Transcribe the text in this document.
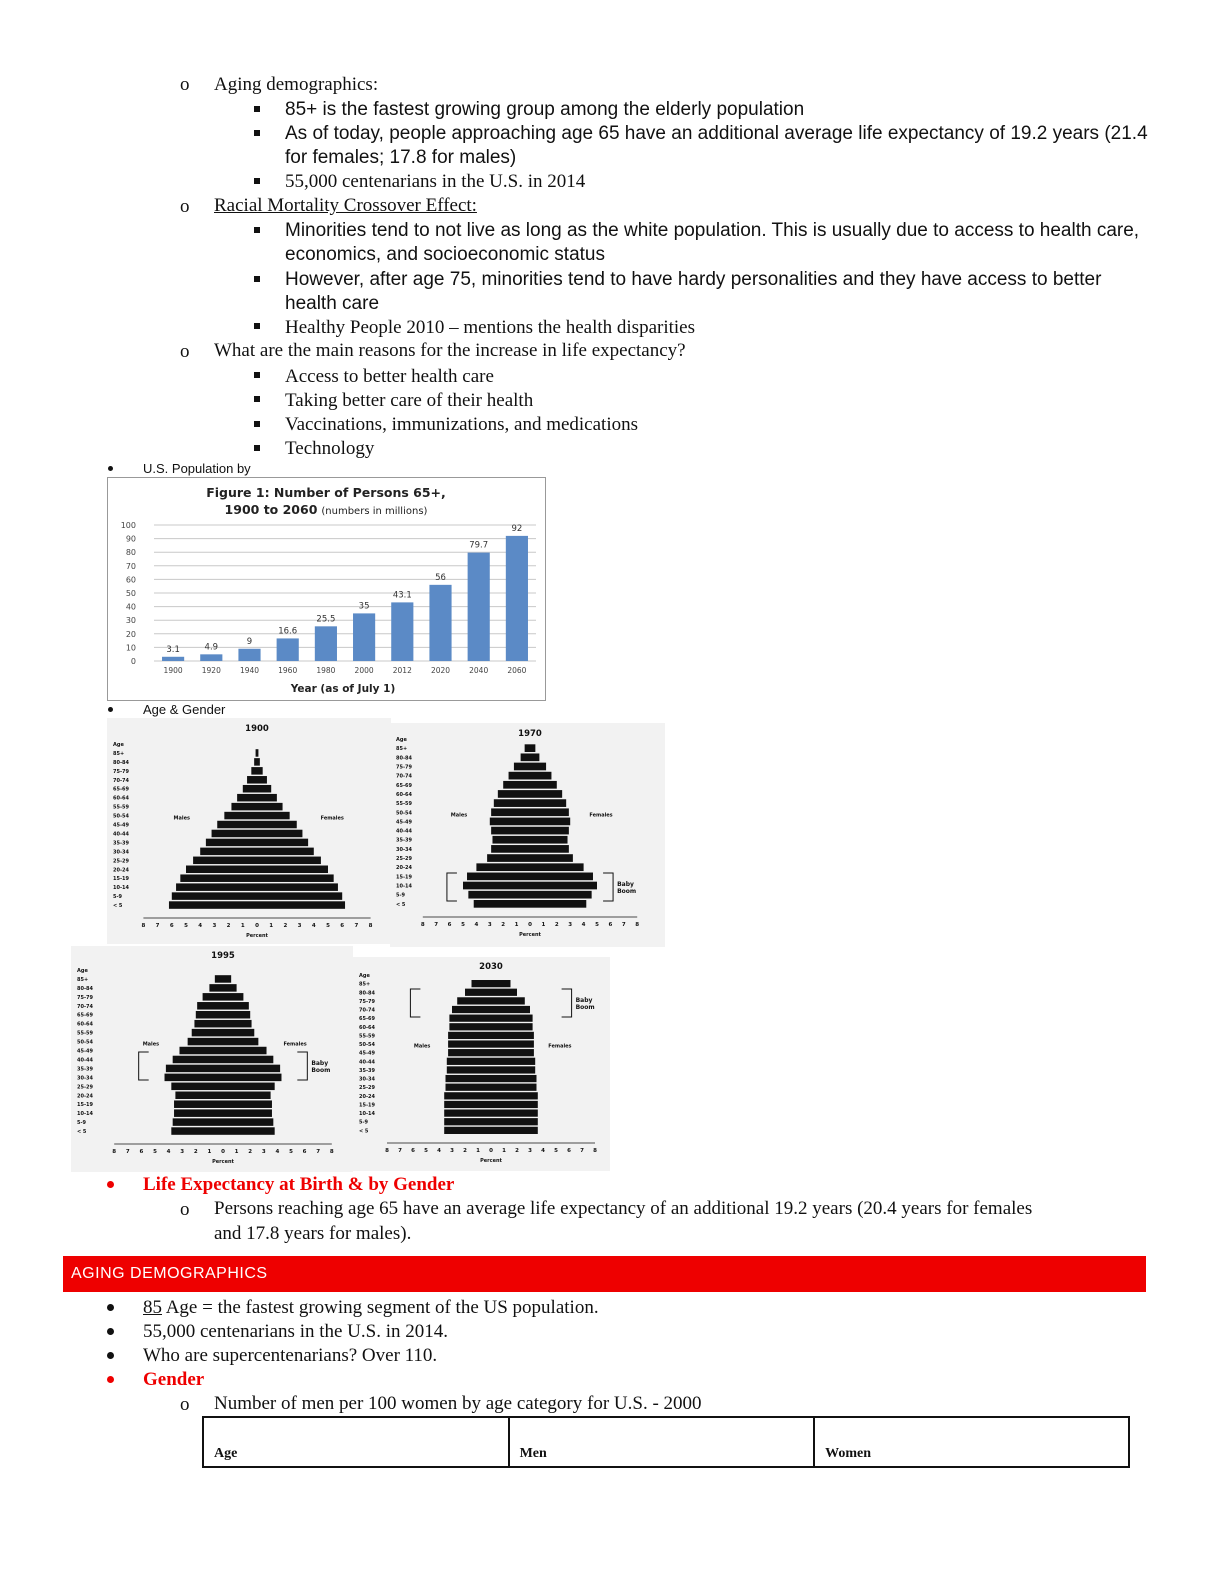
o Aging demographics:
85+ is the fastest growing group among the elderly population
As of today, people approaching age 65 have an additional average life expectancy of 19.2 years (21.4
for females; 17.8 for males)
55,000 centenarians in the U.S. in 2014
o Racial Mortality Crossover Effect:
Minorities tend to not live as long as the white population. This is usually due to access to health care,
economics, and socioeconomic status
However, after age 75, minorities tend to have hardy personalities and they have access to better
health care
Healthy People 2010 – mentions the health disparities
o What are the main reasons for the increase in life expectancy?
Access to better health care
Taking better care of their health
Vaccinations, immunizations, and medications
Technology
U.S. Population by
Figure 1: Number of Persons 65+,
1900 to 2060 (numbers in millions)
0
10
20
30
40
50
60
70
80
90
100
3.1	4.9
9
16.6
25.5
35
43.1
56
79.7
92
1900	1920	1940	1960	1980	2000	2012	2020	2040	2060
Year (as of July 1)
Age & Gender
1900
Age
85+
80-84
75-79
70-74
65-69
60-64
55-59
50-54
45-49
40-44
35-39
30-34
25-29
20-24
15-19
10-14
5-9
< 5
Males	Females
8 7 6 5 4 3 2 1 0 1 2 3 4 5 6 7 8
Percent
1970
Age
85+
80-84
75-79
70-74
65-69
60-64
55-59
50-54
45-49
40-44
35-39
30-34
25-29
20-24
15-19
10-14
5-9
< 5
Males	Females
8 7 6 5 4 3 2 1 0 1 2 3 4 5 6 7 8
Percent
Baby Boom
1995
Age
85+
80-84
75-79
70-74
65-69
60-64
55-59
50-54
45-49
40-44
35-39
30-34
25-29
20-24
15-19
10-14
5-9
< 5
Males	Females
8 7 6 5 4 3 2 1 0 1 2 3 4 5 6 7 8
Percent
Baby Boom
2030
Age
85+
80-84
75-79
70-74
65-69
60-64
55-59
50-54
45-49
40-44
35-39
30-34
25-29
20-24
15-19
10-14
5-9
< 5
Males	Females
8 7 6 5 4 3 2 1 0 1 2 3 4 5 6 7 8
Percent
Baby Boom
Life Expectancy at Birth & by Gender
o Persons reaching age 65 have an average life expectancy of an additional 19.2 years (20.4 years for females
and 17.8 years for males).
AGING DEMOGRAPHICS
85 Age = the fastest growing segment of the US population.
55,000 centenarians in the U.S. in 2014.
Who are supercentenarians? Over 110.
Gender
o Number of men per 100 women by age category for U.S. - 2000
Age	Men	Women
